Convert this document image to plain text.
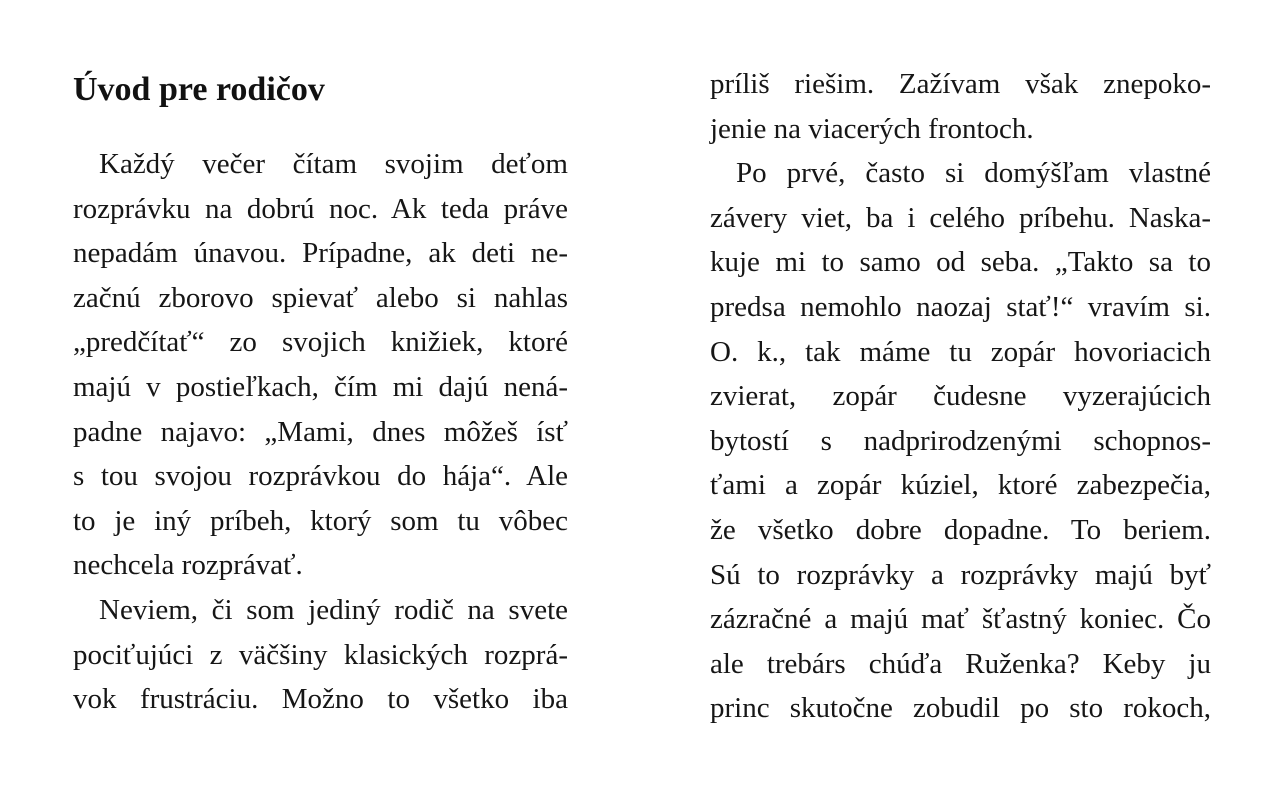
Úvod pre rodičov
Každý večer čítam svojim deťom
rozprávku na dobrú noc. Ak teda práve
nepadám únavou. Prípadne, ak deti ne-
začnú zborovo spievať alebo si nahlas
„predčítať“ zo svojich knižiek, ktoré
majú v postieľkach, čím mi dajú nená-
padne najavo: „Mami, dnes môžeš ísť
s tou svojou rozprávkou do hája“. Ale
to je iný príbeh, ktorý som tu vôbec
nechcela rozprávať.
Neviem, či som jediný rodič na svete
pociťujúci z väčšiny klasických rozprá-
vok frustráciu. Možno to všetko iba
príliš riešim. Zažívam však znepoko-
jenie na viacerých frontoch.
Po prvé, často si domýšľam vlastné
závery viet, ba i celého príbehu. Naska-
kuje mi to samo od seba. „Takto sa to
predsa nemohlo naozaj stať!“ vravím si.
O. k., tak máme tu zopár hovoriacich
zvierat, zopár čudesne vyzerajúcich
bytostí s nadprirodzenými schopnos-
ťami a zopár kúziel, ktoré zabezpečia,
že všetko dobre dopadne. To beriem.
Sú to rozprávky a rozprávky majú byť
zázračné a majú mať šťastný koniec. Čo
ale trebárs chúďa Ruženka? Keby ju
princ skutočne zobudil po sto rokoch,
